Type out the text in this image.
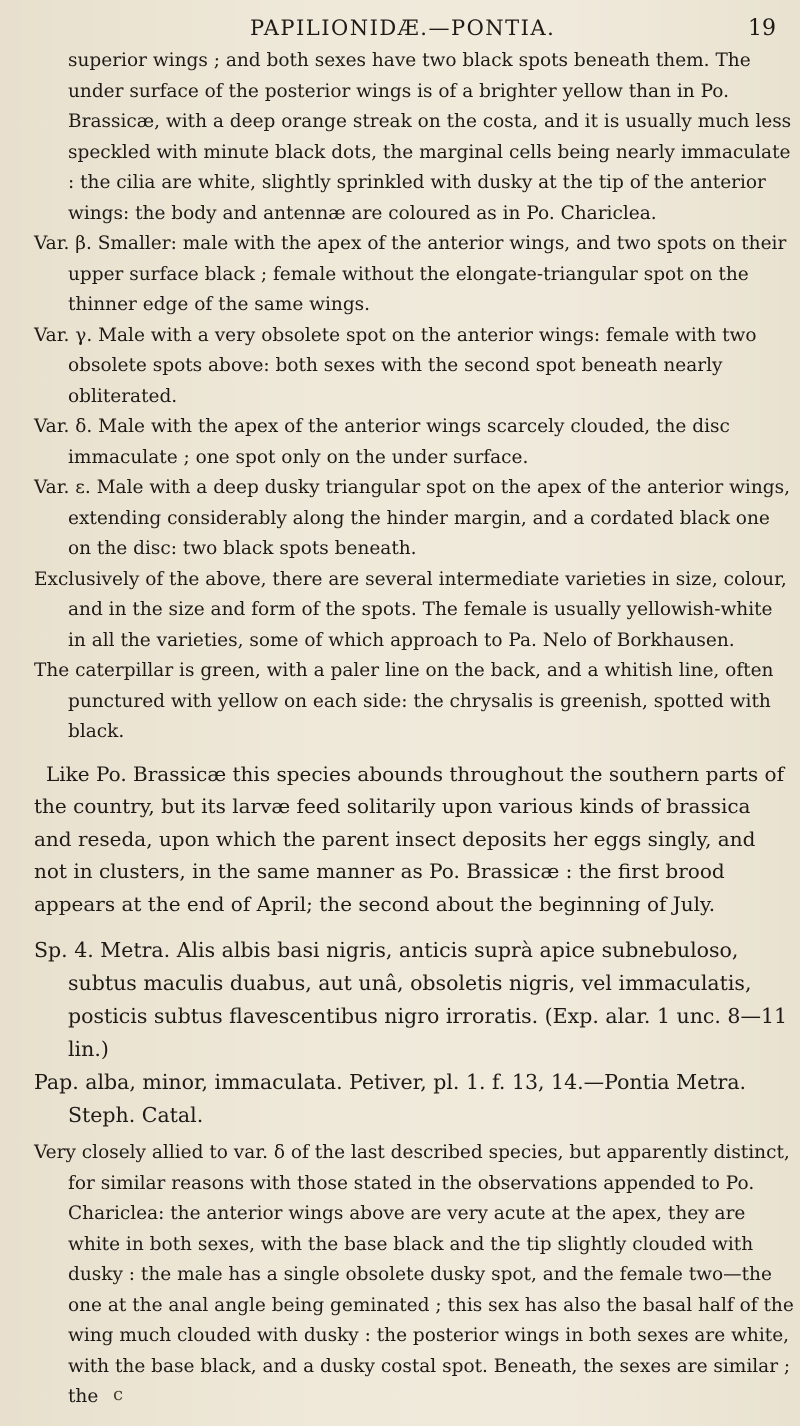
PAPILIONIDÆ.—PONTIA.	19

superior wings ; and both sexes have two black spots beneath them. The under surface of the posterior wings is of a brighter yellow than in Po. Brassicæ, with a deep orange streak on the costa, and it is usually much less speckled with minute black dots, the marginal cells being nearly immaculate : the cilia are white, slightly sprinkled with dusky at the tip of the anterior wings: the body and antennæ are coloured as in Po. Chariclea.

Var. β. Smaller: male with the apex of the anterior wings, and two spots on their upper surface black ; female without the elongate-triangular spot on the thinner edge of the same wings.

Var. γ. Male with a very obsolete spot on the anterior wings: female with two obsolete spots above: both sexes with the second spot beneath nearly obliterated.

Var. δ. Male with the apex of the anterior wings scarcely clouded, the disc immaculate ; one spot only on the under surface.

Var. ε. Male with a deep dusky triangular spot on the apex of the anterior wings, extending considerably along the hinder margin, and a cordated black one on the disc: two black spots beneath.

Exclusively of the above, there are several intermediate varieties in size, colour, and in the size and form of the spots. The female is usually yellowish-white in all the varieties, some of which approach to Pa. Nelo of Borkhausen.

The caterpillar is green, with a paler line on the back, and a whitish line, often punctured with yellow on each side: the chrysalis is greenish, spotted with black.

Like Po. Brassicæ this species abounds throughout the southern parts of the country, but its larvæ feed solitarily upon various kinds of brassica and reseda, upon which the parent insect deposits her eggs singly, and not in clusters, in the same manner as Po. Brassicæ : the first brood appears at the end of April; the second about the beginning of July.

Sp. 4. Metra. Alis albis basi nigris, anticis suprà apice subnebuloso, subtus maculis duabus, aut unâ, obsoletis nigris, vel immaculatis, posticis subtus flavescentibus nigro irroratis. (Exp. alar. 1 unc. 8—11 lin.)

Pap. alba, minor, immaculata. Petiver, pl. 1. f. 13, 14.—Pontia Metra. Steph. Catal.

Very closely allied to var. δ of the last described species, but apparently distinct, for similar reasons with those stated in the observations appended to Po. Chariclea: the anterior wings above are very acute at the apex, they are white in both sexes, with the base black and the tip slightly clouded with dusky : the male has a single obsolete dusky spot, and the female two—the one at the anal angle being geminated ; this sex has also the basal half of the wing much clouded with dusky : the posterior wings in both sexes are white, with the base black, and a dusky costal spot. Beneath, the sexes are similar ; the c
